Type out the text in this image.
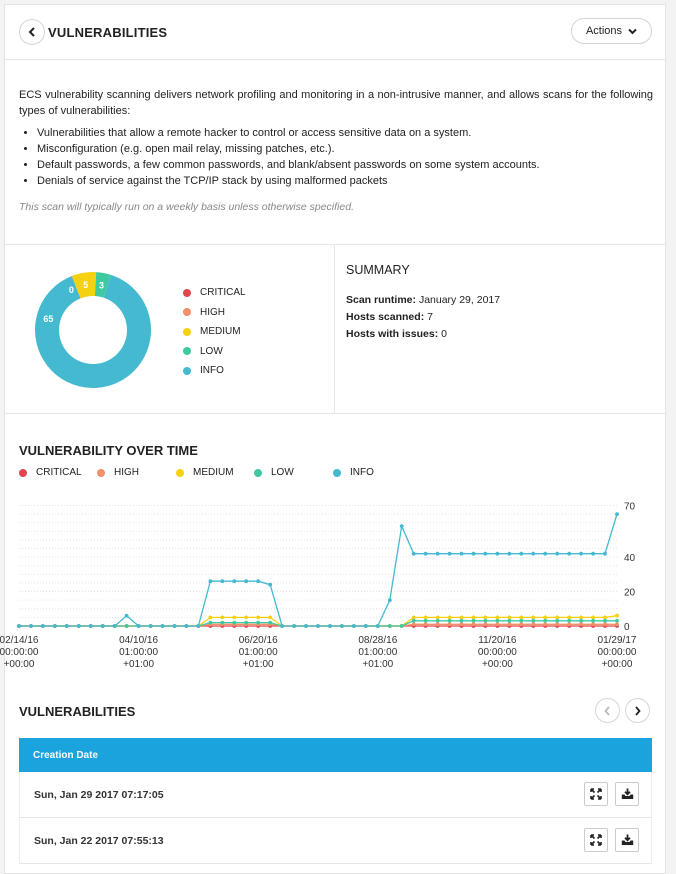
VULNERABILITIES	Actions

ECS vulnerability scanning delivers network profiling and monitoring in a non-intrusive manner, and allows scans for the following types of vulnerabilities:

• Vulnerabilities that allow a remote hacker to control or access sensitive data on a system.
• Misconfiguration (e.g. open mail relay, missing patches, etc.).
• Default passwords, a few common passwords, and blank/absent passwords on some system accounts.
• Denials of service against the TCP/IP stack by using malformed packets

This scan will typically run on a weekly basis unless otherwise specified.

65
5 3
0	CRITICAL
HIGH
MEDIUM
LOW
INFO
SUMMARY
Scan runtime: January 29, 2017
Hosts scanned: 7
Hosts with issues: 0
VULNERABILITY OVER TIME
CRITICAL	HIGH	MEDIUM	LOW	INFO
0
20
40
70
02/14/16
00:00:00
+00:00
04/10/16
01:00:00
+01:00
06/20/16
01:00:00
+01:00
08/28/16
01:00:00
+01:00
11/20/16
00:00:00
+00:00
01/29/17
00:00:00
+00:00
VULNERABILITIES
Creation Date
Sun, Jan 29 2017 07:17:05
Sun, Jan 22 2017 07:55:13
